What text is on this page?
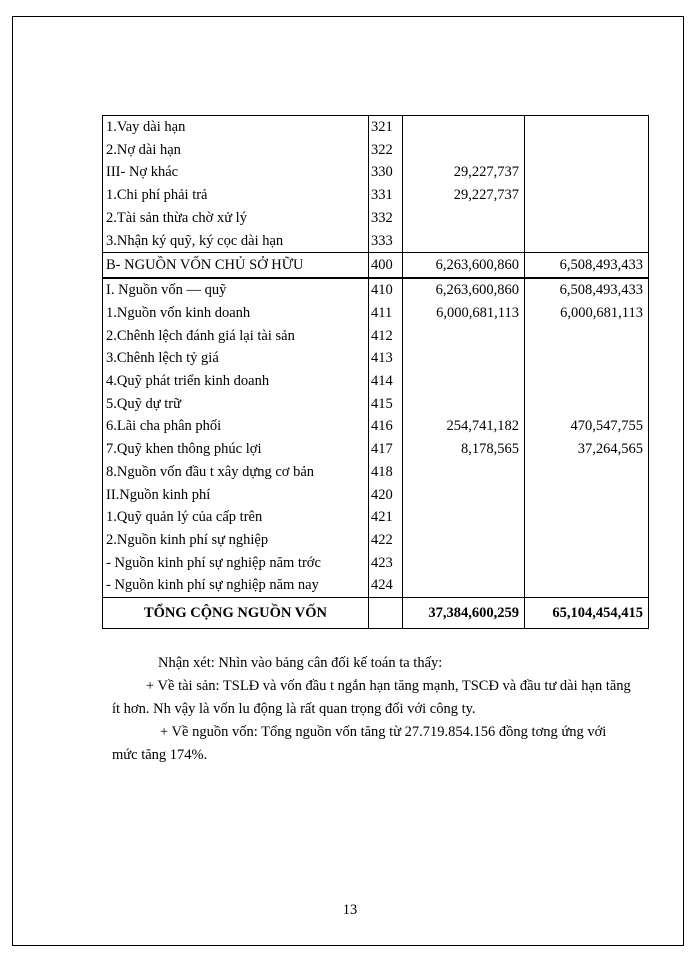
1.Vay dài hạn	321		
2.Nợ dài hạn	322		
III- Nợ khác	330	29,227,737	
1.Chi phí phải trả	331	29,227,737	
2.Tài sản thừa chờ xử lý	332		
3.Nhận ký quỹ, ký cọc dài hạn	333		
B- NGUỒN VỐN CHỦ SỞ HỮU	400	6,263,600,860	6,508,493,433
I. Nguồn vốn — quỹ	410	6,263,600,860	6,508,493,433
1.Nguồn vốn kinh doanh	411	6,000,681,113	6,000,681,113
2.Chênh lệch đánh giá lại tài sản	412		
3.Chênh lệch tỷ giá	413		
4.Quỹ phát triển kinh doanh	414		
5.Quỹ dự trữ	415		
6.Lãi cha phân phối	416	254,741,182	470,547,755
7.Quỹ khen thông phúc lợi	417	8,178,565	37,264,565
8.Nguồn vốn đầu t xây dựng cơ bản	418		
II.Nguồn kinh phí	420		
1.Quỹ quản lý của cấp trên	421		
2.Nguồn kinh phí sự nghiệp	422		
- Nguồn kinh phí sự nghiệp năm trớc	423		
- Nguồn kinh phí sự nghiệp năm nay	424		
TỔNG CỘNG NGUỒN VỐN		37,384,600,259	65,104,454,415

Nhận xét: Nhìn vào bảng cân đối kế toán ta thấy:

+ Về tài sản: TSLĐ và vốn đầu t ngắn hạn tăng mạnh, TSCĐ và đầu tư dài hạn tăng ít hơn. Nh vậy là vốn lu động là rất quan trọng đối với công ty.

+ Về nguồn vốn: Tổng nguồn vốn tăng từ 27.719.854.156 đồng tơng ứng với mức tăng 174%.

13
